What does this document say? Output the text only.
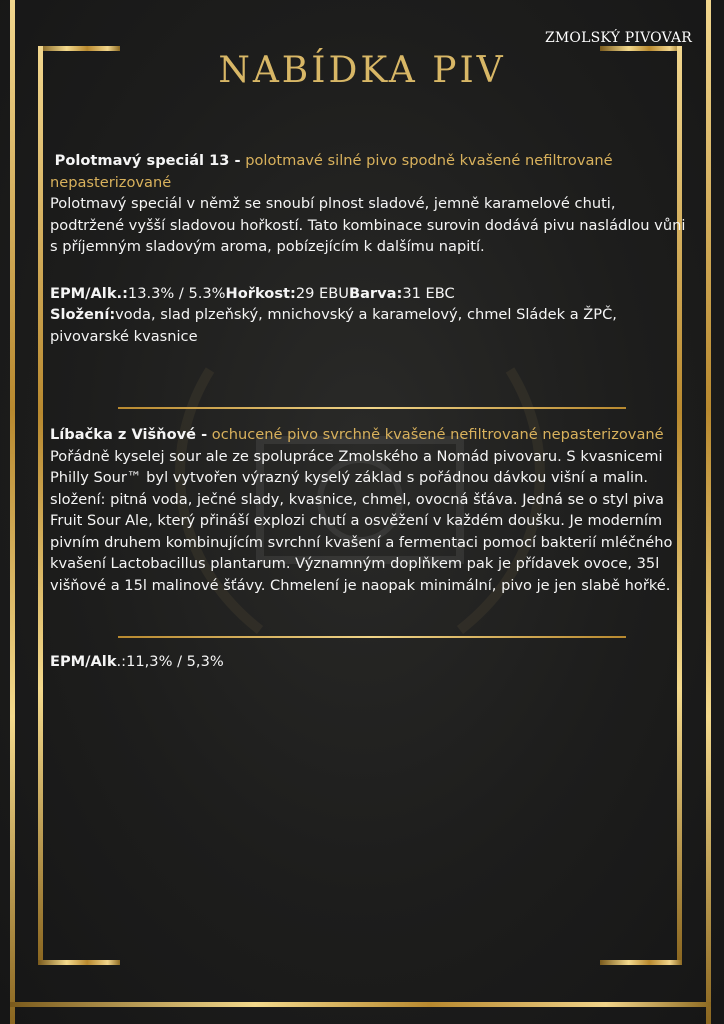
ZMOLSKÝ PIVOVAR
NABÍDKA PIV

Polotmavý speciál 13 - polotmavé silné pivo spodně kvašené nefiltrované nepasterizované

Polotmavý speciál v němž se snoubí plnost sladové, jemně karamelové chuti, podtržené vyšší sladovou hořkostí. Tato kombinace surovin dodává pivu nasládlou vůni s příjemným sladovým aroma, pobízejícím k dalšímu napití.

EPM/Alk.:13.3% / 5.3%Hořkost:29 EBUBarva:31 EBC

Složení:voda, slad plzeňský, mnichovský a karamelový, chmel Sládek a ŽPČ, pivovarské kvasnice

Líbačka z Višňové - ochucené pivo svrchně kvašené nefiltrované nepasterizované

Pořádně kyselej sour ale ze spolupráce Zmolského a Nomád pivovaru. S kvasnicemi Philly Sour™ byl vytvořen výrazný kyselý základ s pořádnou dávkou višní a malin. složení: pitná voda, ječné slady, kvasnice, chmel, ovocná šťáva. Jedná se o styl piva Fruit Sour Ale, který přináší explozi chutí a osvěžení v každém doušku. Je moderním pivním druhem kombinujícím svrchní kvašení a fermentaci pomocí bakterií mléčného kvašení Lactobacillus plantarum. Významným doplňkem pak je přídavek ovoce, 35l višňové a 15l malinové šťávy. Chmelení je naopak minimální, pivo je jen slabě hořké.

EPM/Alk.:11,3% / 5,3%
